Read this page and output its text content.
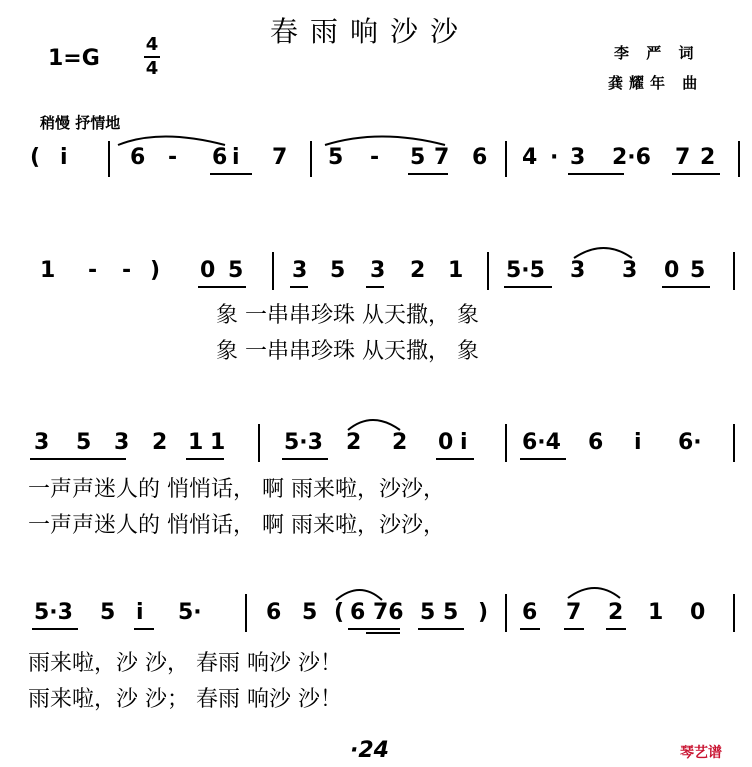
春雨响沙沙
1=G
4
4
李 严 词
龚耀年 曲
稍慢 抒情地
( i	6 - 6 i 7 5 - 5 7 6 4 · 3 2·6 7 2
1 - - ) 0 5 3 5 3 2 1 5·5 3 3 0 5
象 一串串珍珠 从天撒， 象
象 一串串珍珠 从天撒， 象
3 5 3 2 1 1	5·3 2 2 0 i 6·4 6 i 6·
一声声迷人的 悄悄话， 啊 雨来啦，沙沙，
一声声迷人的 悄悄话， 啊 雨来啦，沙沙，
5·3 5 i 5·	6 5 ( 6 76 5 5 ) 6 7 2 1 0
雨来啦，沙 沙， 春雨 响沙 沙！
雨来啦，沙 沙； 春雨 响沙 沙！
·24	琴艺谱
